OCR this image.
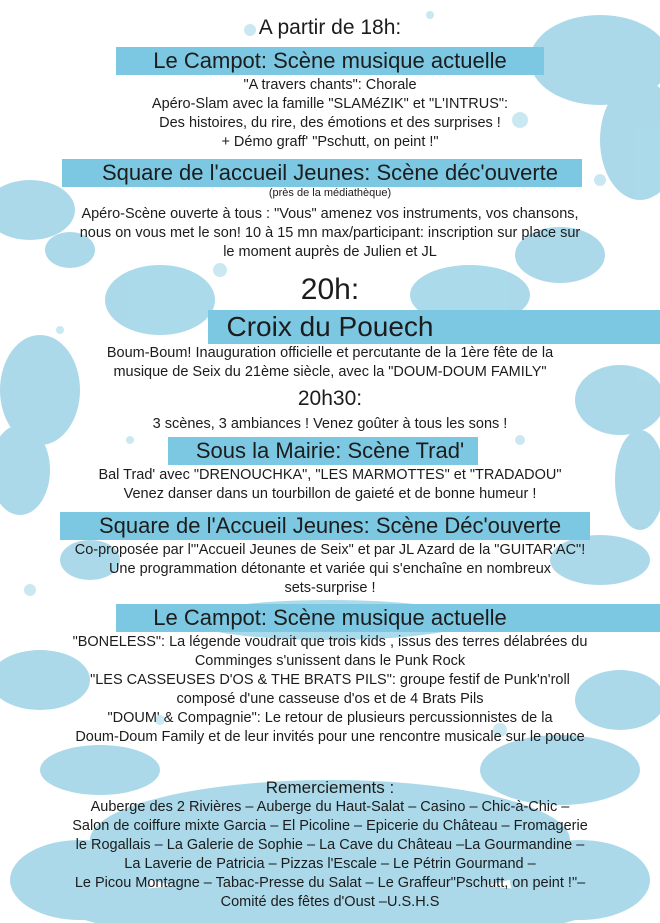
A partir de 18h:
Le Campot: Scène musique actuelle
"A travers chants": Chorale
Apéro-Slam avec la famille "SLAMéZIK" et "L'INTRUS":
Des histoires, du rire, des émotions et des surprises !
+ Démo graff' "Pschutt, on peint !"
Square de l'accueil Jeunes: Scène déc'ouverte
(près de la médiathèque)
Apéro-Scène ouverte à tous : "Vous" amenez vos instruments, vos chansons,
nous on vous met le son! 10 à 15 mn max/participant: inscription sur place sur
le moment auprès de Julien et JL
20h:
Croix du Pouech
Boum-Boum! Inauguration officielle et percutante de la 1ère fête de la
musique de Seix du 21ème siècle, avec la "DOUM-DOUM FAMILY"
20h30:
3 scènes, 3 ambiances ! Venez goûter à tous les sons !
Sous la Mairie: Scène Trad'
Bal Trad' avec "DRENOUCHKA", "LES MARMOTTES" et "TRADADOU"
Venez danser dans un tourbillon de gaieté et de bonne humeur !
Square de l'Accueil Jeunes: Scène Déc'ouverte
Co-proposée par l'"Accueil Jeunes de Seix" et par JL Azard de la "GUITAR'AC"!
Une programmation détonante et variée qui s'enchaîne en nombreux
sets-surprise !
Le Campot: Scène musique actuelle
"BONELESS": La légende voudrait que trois kids , issus des terres délabrées du
Comminges s'unissent dans le Punk Rock
"LES CASSEUSES D'OS & THE BRATS PILS": groupe festif de Punk'n'roll
composé d'une casseuse d'os et de 4 Brats Pils
"DOUM' & Compagnie": Le retour de plusieurs percussionnistes de la
Doum-Doum Family et de leur invités pour une rencontre musicale sur le pouce
Remerciements :
Auberge des 2 Rivières – Auberge du Haut-Salat – Casino – Chic-à-Chic –
Salon de coiffure mixte Garcia – El Picoline – Epicerie du Château – Fromagerie
le Rogallais – La Galerie de Sophie – La Cave du Château –La Gourmandine –
La Laverie de Patricia – Pizzas l'Escale – Le Pétrin Gourmand –
Le Picou Montagne – Tabac-Presse du Salat – Le Graffeur"Pschutt, on peint !"–
Comité des fêtes d'Oust –U.S.H.S
